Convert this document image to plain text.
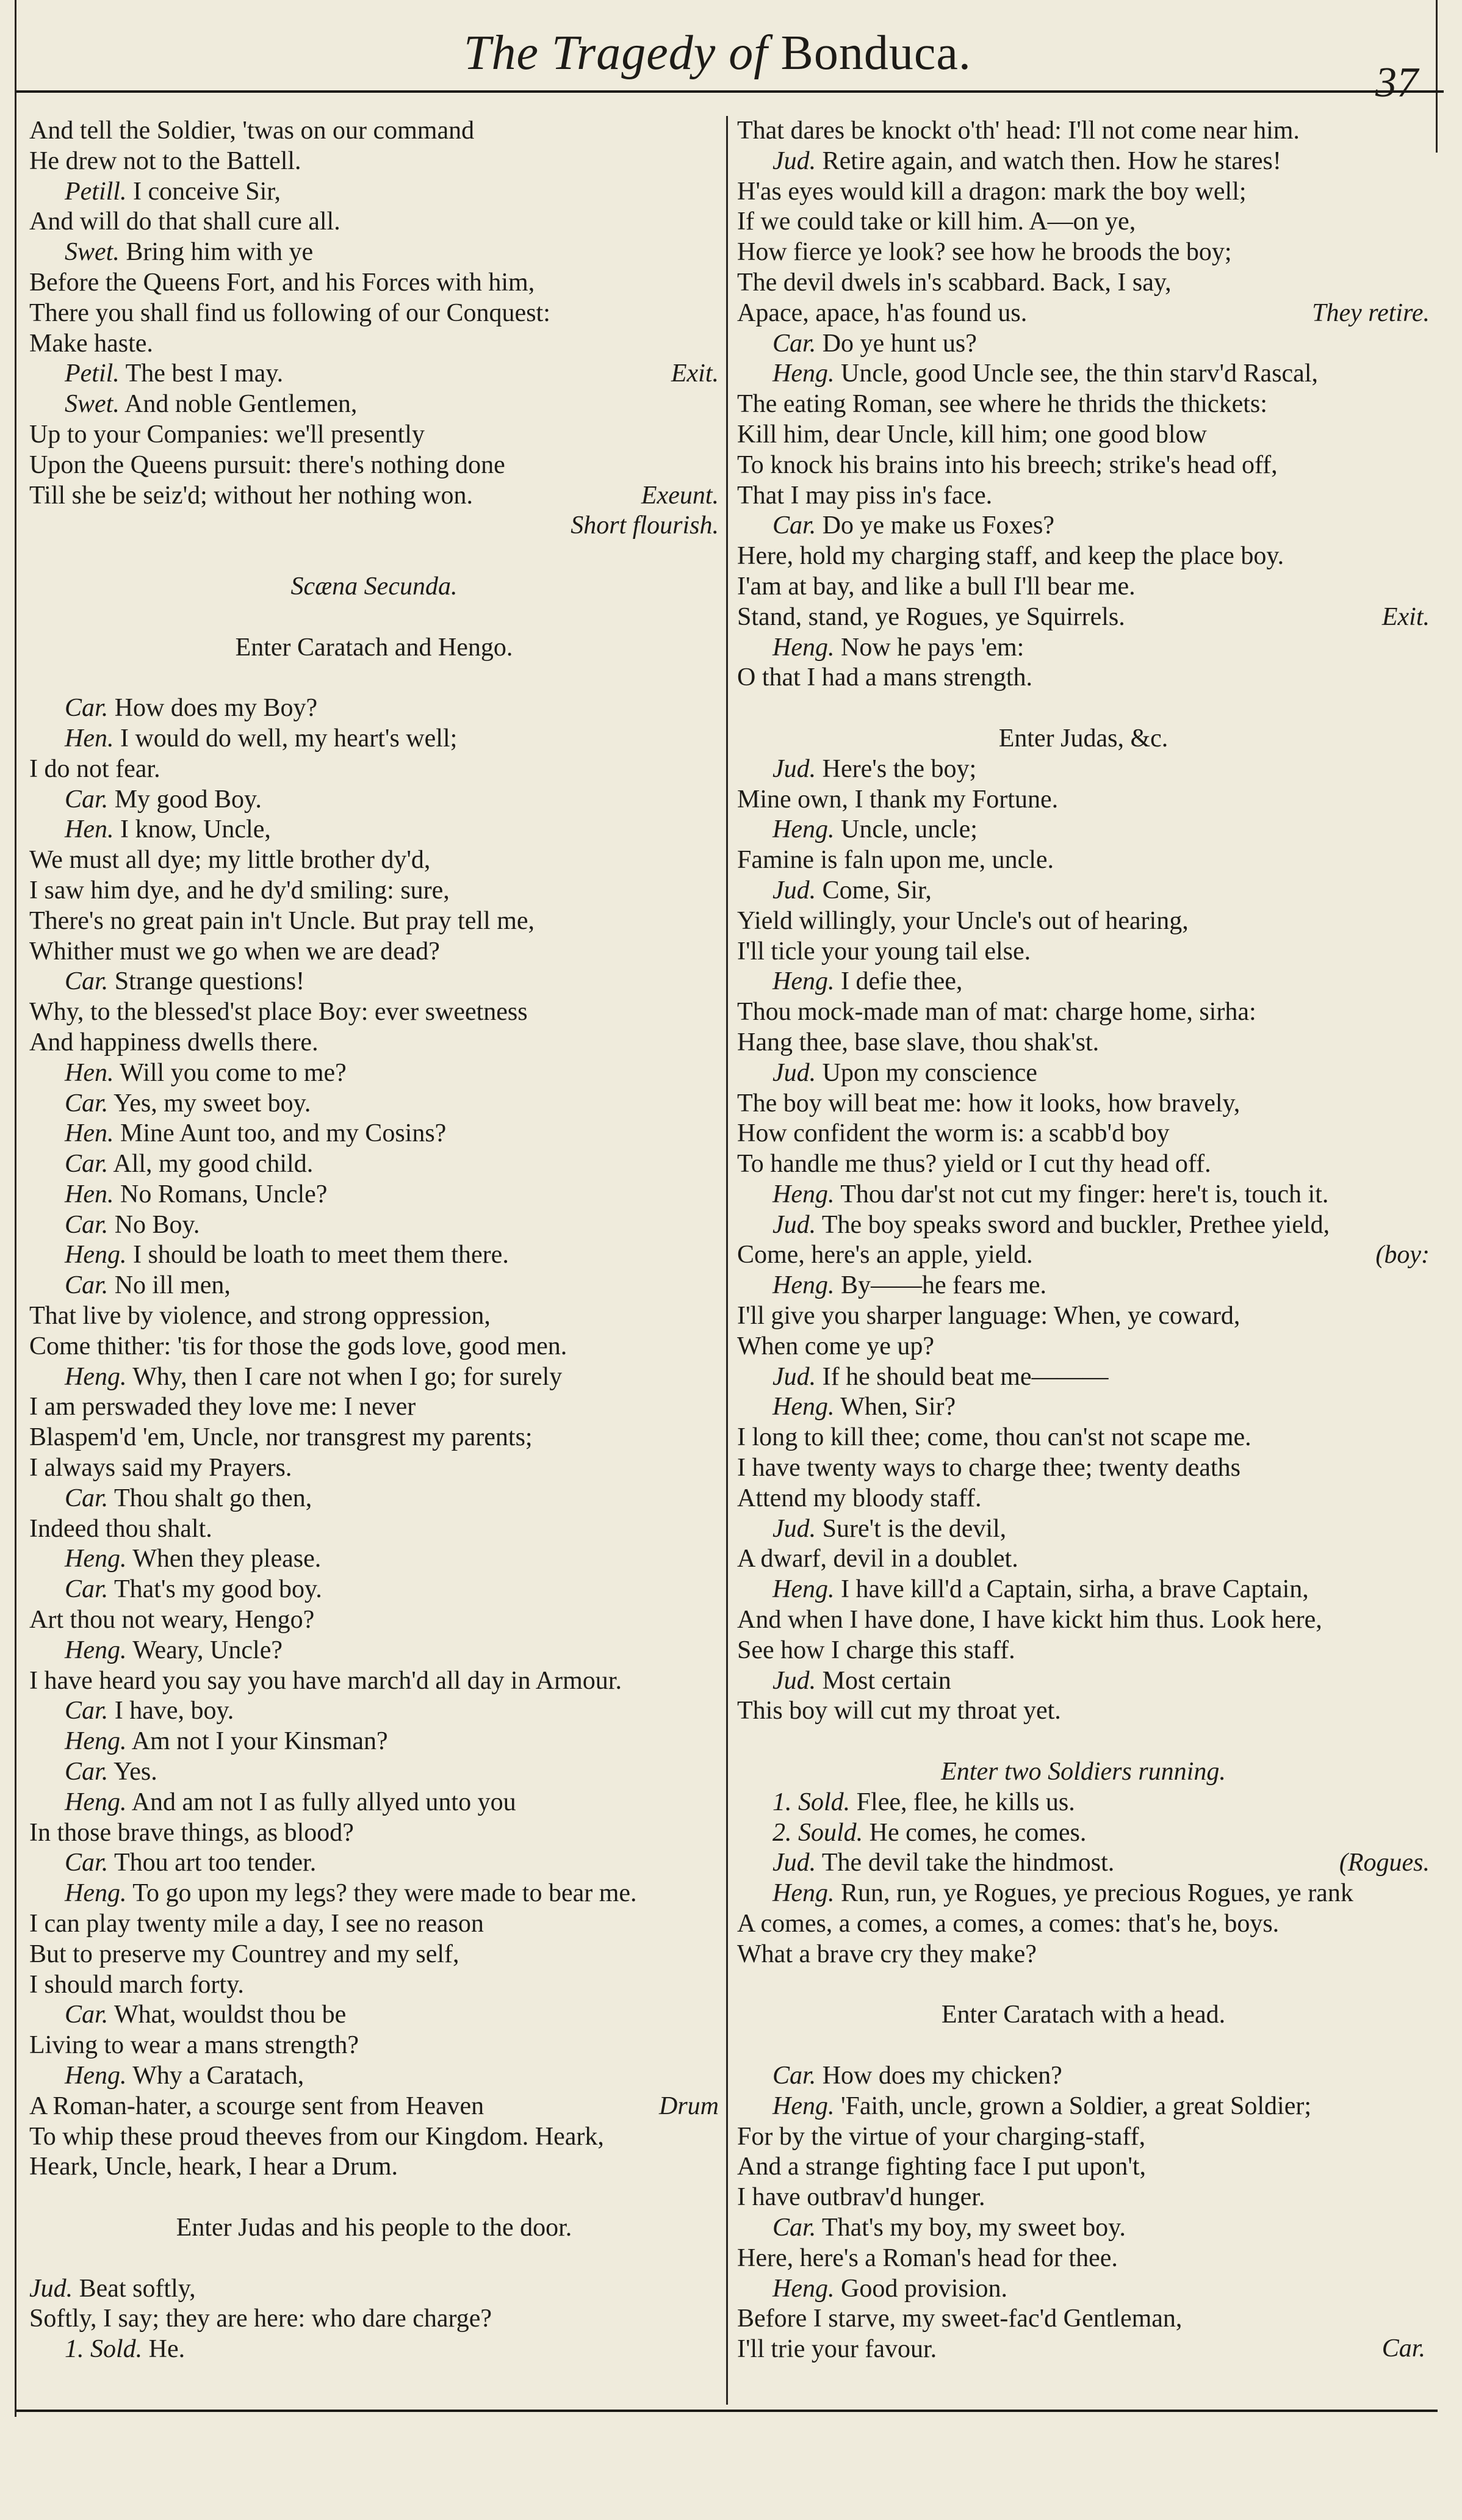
The Tragedy of Bonduca.
37
And tell the Soldier, 'twas on our command
He drew not to the Battell.
Petill. I conceive Sir,
And will do that shall cure all.
Swet. Bring him with ye
Before the Queens Fort, and his Forces with him,
There you shall find us following of our Conquest:
Make haste.
Petil. The best I may.	Exit.
Swet. And noble Gentlemen,
Up to your Companies: we'll presently
Upon the Queens pursuit: there's nothing done
Till she be seiz'd; without her nothing won.	Exeunt.
Short flourish.
Scæna Secunda.
Enter Caratach and Hengo.
Car. How does my Boy?
Hen. I would do well, my heart's well;
I do not fear.
Car. My good Boy.
Hen. I know, Uncle,
We must all dye; my little brother dy'd,
I saw him dye, and he dy'd smiling: sure,
There's no great pain in't Uncle. But pray tell me,
Whither must we go when we are dead?
Car. Strange questions!
Why, to the blessed'st place Boy: ever sweetness
And happiness dwells there.
Hen. Will you come to me?
Car. Yes, my sweet boy.
Hen. Mine Aunt too, and my Cosins?
Car. All, my good child.
Hen. No Romans, Uncle?
Car. No Boy.
Heng. I should be loath to meet them there.
Car. No ill men,
That live by violence, and strong oppression,
Come thither: 'tis for those the gods love, good men.
Heng. Why, then I care not when I go; for surely
I am perswaded they love me: I never
Blaspem'd 'em, Uncle, nor transgrest my parents;
I always said my Prayers.
Car. Thou shalt go then,
Indeed thou shalt.
Heng. When they please.
Car. That's my good boy.
Art thou not weary, Hengo?
Heng. Weary, Uncle?
I have heard you say you have march'd all day in Armour.
Car. I have, boy.
Heng. Am not I your Kinsman?
Car. Yes.
Heng. And am not I as fully allyed unto you
In those brave things, as blood?
Car. Thou art too tender.
Heng. To go upon my legs? they were made to bear me.
I can play twenty mile a day, I see no reason
But to preserve my Countrey and my self,
I should march forty.
Car. What, wouldst thou be
Living to wear a mans strength?
Heng. Why a Caratach,
A Roman-hater, a scourge sent from Heaven	Drum
To whip these proud theeves from our Kingdom. Heark,
Heark, Uncle, heark, I hear a Drum.
Enter Judas and his people to the door.
Jud. Beat softly,
Softly, I say; they are here: who dare charge?
1. Sold. He.
That dares be knockt o'th' head: I'll not come near him.
Jud. Retire again, and watch then. How he stares!
H'as eyes would kill a dragon: mark the boy well;
If we could take or kill him. A—on ye,
How fierce ye look? see how he broods the boy;
The devil dwels in's scabbard. Back, I say,
Apace, apace, h'as found us.	They retire.
Car. Do ye hunt us?
Heng. Uncle, good Uncle see, the thin starv'd Rascal,
The eating Roman, see where he thrids the thickets:
Kill him, dear Uncle, kill him; one good blow
To knock his brains into his breech; strike's head off,
That I may piss in's face.
Car. Do ye make us Foxes?
Here, hold my charging staff, and keep the place boy.
I'am at bay, and like a bull I'll bear me.
Stand, stand, ye Rogues, ye Squirrels.	Exit.
Heng. Now he pays 'em:
O that I had a mans strength.
Enter Judas, &c.
Jud. Here's the boy;
Mine own, I thank my Fortune.
Heng. Uncle, uncle;
Famine is faln upon me, uncle.
Jud. Come, Sir,
Yield willingly, your Uncle's out of hearing,
I'll ticle your young tail else.
Heng. I defie thee,
Thou mock-made man of mat: charge home, sirha:
Hang thee, base slave, thou shak'st.
Jud. Upon my conscience
The boy will beat me: how it looks, how bravely,
How confident the worm is: a scabb'd boy
To handle me thus? yield or I cut thy head off.
Heng. Thou dar'st not cut my finger: here't is, touch it.
Jud. The boy speaks sword and buckler, Prethee yield,
Come, here's an apple, yield.	(boy:
Heng. By——he fears me.
I'll give you sharper language: When, ye coward,
When come ye up?
Jud. If he should beat me———
Heng. When, Sir?
I long to kill thee; come, thou can'st not scape me.
I have twenty ways to charge thee; twenty deaths
Attend my bloody staff.
Jud. Sure't is the devil,
A dwarf, devil in a doublet.
Heng. I have kill'd a Captain, sirha, a brave Captain,
And when I have done, I have kickt him thus. Look here,
See how I charge this staff.
Jud. Most certain
This boy will cut my throat yet.
Enter two Soldiers running.
1. Sold. Flee, flee, he kills us.
2. Sould. He comes, he comes.
Jud. The devil take the hindmost.	(Rogues.
Heng. Run, run, ye Rogues, ye precious Rogues, ye rank
A comes, a comes, a comes, a comes: that's he, boys.
What a brave cry they make?
Enter Caratach with a head.
Car. How does my chicken?
Heng. 'Faith, uncle, grown a Soldier, a great Soldier;
For by the virtue of your charging-staff,
And a strange fighting face I put upon't,
I have outbrav'd hunger.
Car. That's my boy, my sweet boy.
Here, here's a Roman's head for thee.
Heng. Good provision.
Before I starve, my sweet-fac'd Gentleman,
I'll trie your favour.	Car.
